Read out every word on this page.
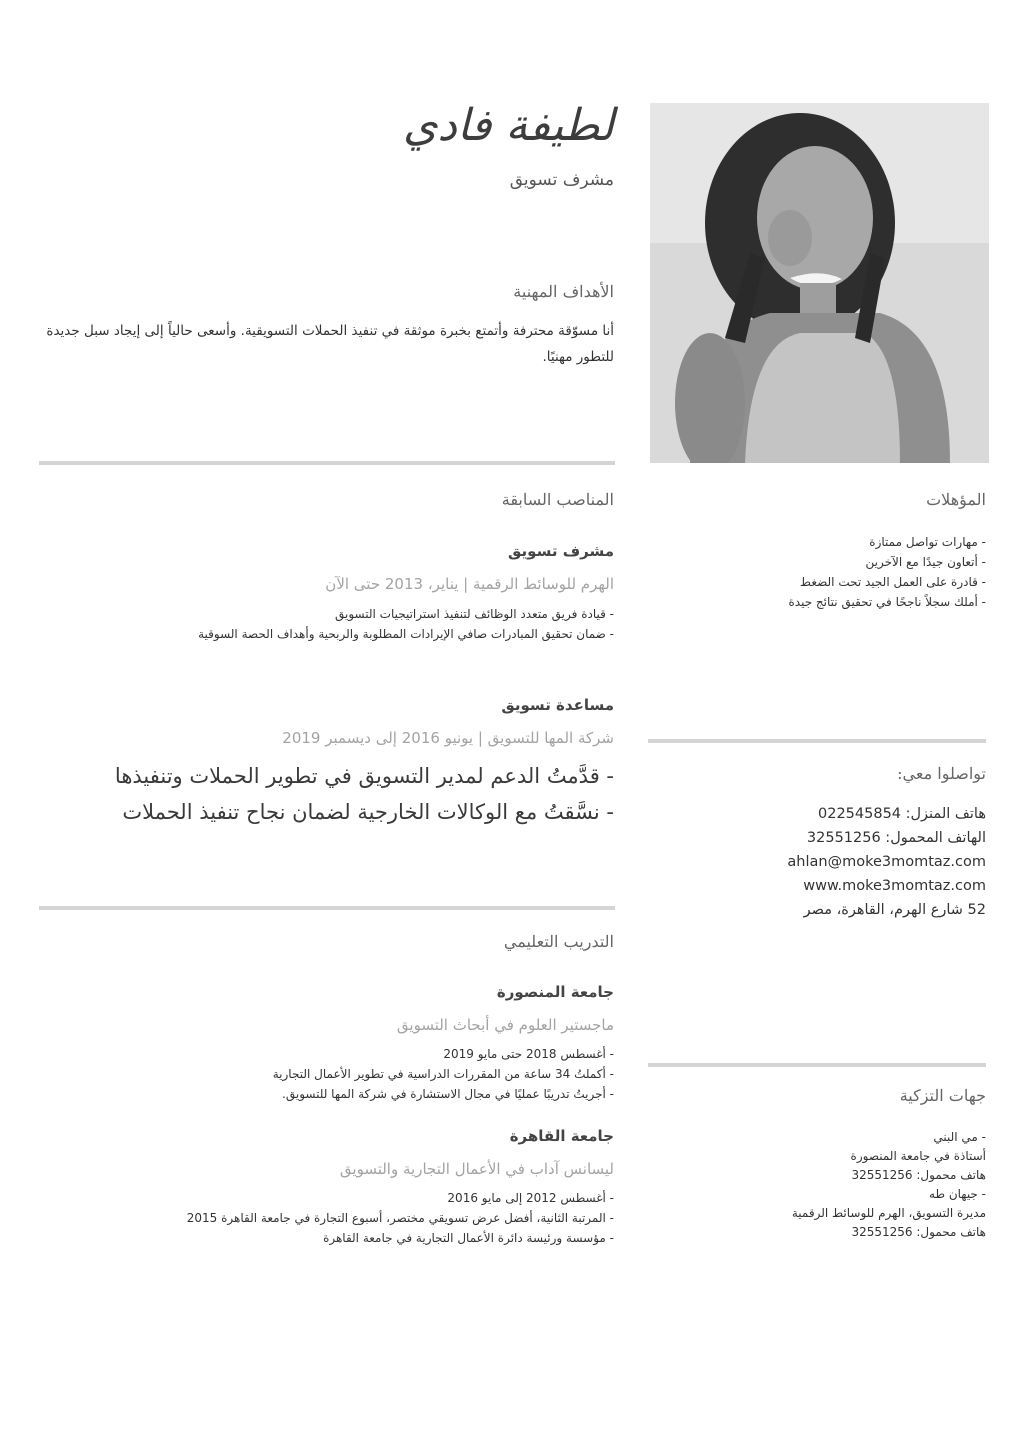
لطيفة فادي
مشرف تسويق
الأهداف المهنية
أنا مسوّقة محترفة وأتمتع بخبرة موثقة في تنفيذ الحملات التسويقية. وأسعى حالياً إلى إيجاد سبل جديدة للتطور مهنيًا.
المناصب السابقة
مشرف تسويق
الهرم للوسائط الرقمية | يناير، 2013 حتى الآن
- قيادة فريق متعدد الوظائف لتنفيذ استراتيجيات التسويق
- ضمان تحقيق المبادرات صافي الإيرادات المطلوبة والربحية وأهداف الحصة السوقية
مساعدة تسويق
شركة المها للتسويق | يونيو 2016 إلى ديسمبر 2019
- قدَّمتُ الدعم لمدير التسويق في تطوير الحملات وتنفيذها
- نسَّقتُ مع الوكالات الخارجية لضمان نجاح تنفيذ الحملات
التدريب التعليمي
جامعة المنصورة
ماجستير العلوم في أبحاث التسويق
- أغسطس 2018 حتى مايو 2019
- أكملتُ 34 ساعة من المقررات الدراسية في تطوير الأعمال التجارية
- أجريتُ تدريبًا عمليًا في مجال الاستشارة في شركة المها للتسويق.
جامعة القاهرة
ليسانس آداب في الأعمال التجارية والتسويق
- أغسطس 2012 إلى مايو 2016
- المرتبة الثانية، أفضل عرض تسويقي مختصر، أسبوع التجارة في جامعة القاهرة 2015
- مؤسسة ورئيسة دائرة الأعمال التجارية في جامعة القاهرة
المؤهلات
- مهارات تواصل ممتازة
- أتعاون جيدًا مع الآخرين
- قادرة على العمل الجيد تحت الضغط
- أملك سجلاً ناجحًا في تحقيق نتائج جيدة
تواصلوا معي:
هاتف المنزل: 022545854
الهاتف المحمول: 32551256
ahlan@moke3momtaz.com
www.moke3momtaz.com
52 شارع الهرم، القاهرة، مصر
جهات التزكية
- مي البني
أستاذة في جامعة المنصورة
هاتف محمول: 32551256
- جيهان طه
مديرة التسويق، الهرم للوسائط الرقمية
هاتف محمول: 32551256
